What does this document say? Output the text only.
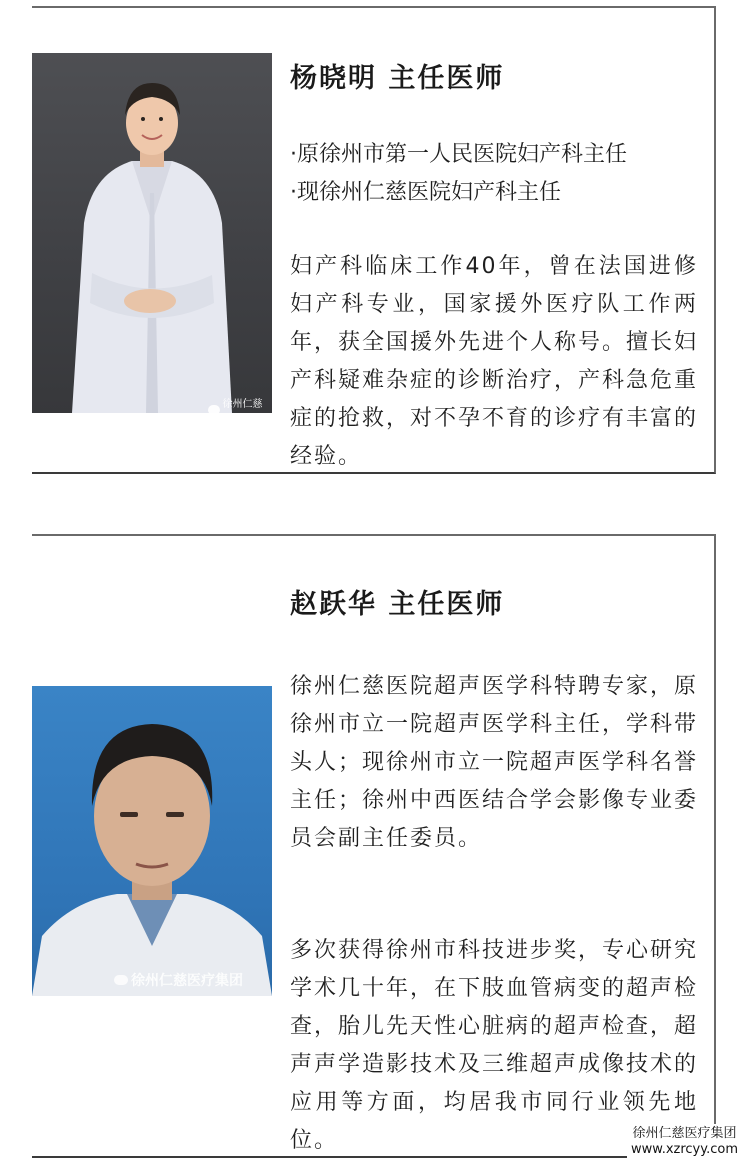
徐州仁慈妇产
杨晓明 主任医师
·原徐州市第一人民医院妇产科主任
·现徐州仁慈医院妇产科主任
妇产科临床工作40年，曾在法国进修妇产科专业，国家援外医疗队工作两年，获全国援外先进个人称号。擅长妇产科疑难杂症的诊断治疗，产科急危重症的抢救，对不孕不育的诊疗有丰富的经验。
赵跃华 主任医师
徐州仁慈医疗集团
徐州仁慈医院超声医学科特聘专家，原徐州市立一院超声医学科主任，学科带头人；现徐州市立一院超声医学科名誉主任；徐州中西医结合学会影像专业委员会副主任委员。
多次获得徐州市科技进步奖，专心研究学术几十年，在下肢血管病变的超声检查，胎儿先天性心脏病的超声检查，超声声学造影技术及三维超声成像技术的应用等方面，均居我市同行业领先地位。	徐州仁慈医疗集团
www.xzrcyy.com
